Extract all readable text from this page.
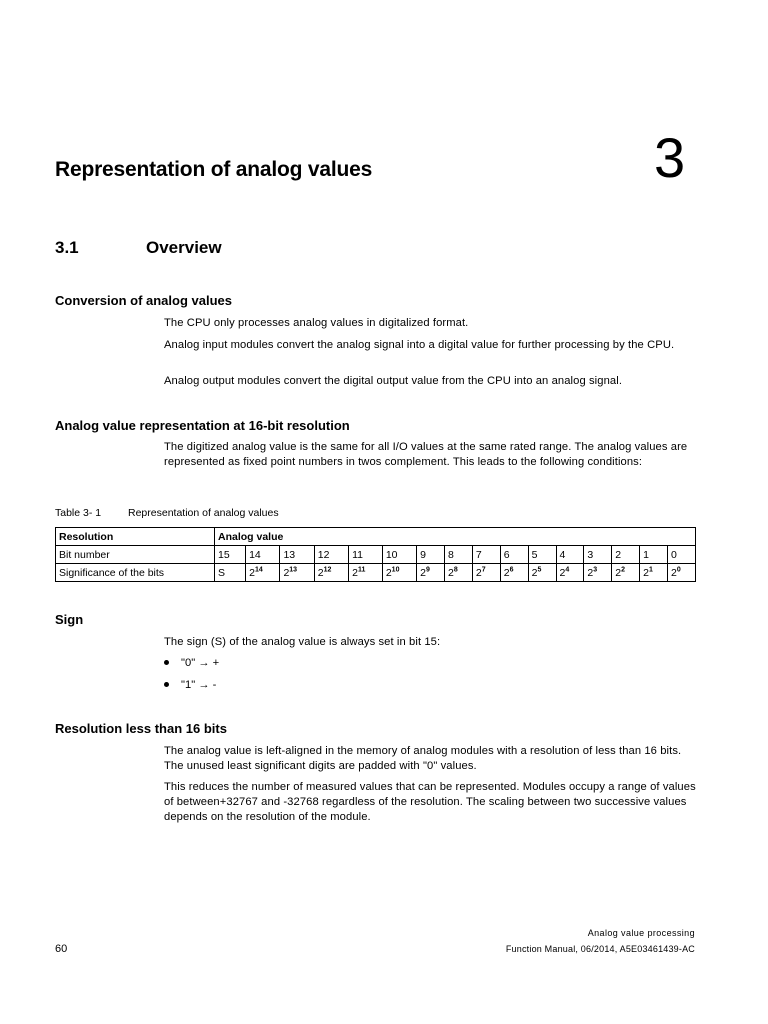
Representation of analog values	3
3.1	Overview
Conversion of analog values
The CPU only processes analog values in digitalized format.
Analog input modules convert the analog signal into a digital value for further processing by the CPU.
Analog output modules convert the digital output value from the CPU into an analog signal.
Analog value representation at 16-bit resolution
The digitized analog value is the same for all I/O values at the same rated range. The analog values are represented as fixed point numbers in twos complement. This leads to the following conditions:
Table 3- 1	Representation of analog values
Resolution	Analog value															
Bit number	15	14	13	12	11	10	9	8	7	6	5	4	3	2	1	0
Significance of the bits	S	$2^{14}$	$2^{13}$	$2^{12}$	$2^{11}$	$2^{10}$	$2^9$	$2^8$	$2^7$	$2^6$	$2^5$	$2^4$	$2^3$	$2^2$	$2^1$	$2^0$
Sign
The sign (S) of the analog value is always set in bit 15:
"0" → +
"1" → -
Resolution less than 16 bits
The analog value is left-aligned in the memory of analog modules with a resolution of less than 16 bits. The unused least significant digits are padded with "0" values.
This reduces the number of measured values that can be represented. Modules occupy a range of values of between+32767 and -32768 regardless of the resolution. The scaling between two successive values depends on the resolution of the module.
Analog value processing
60	Function Manual, 06/2014, A5E03461439-AC
